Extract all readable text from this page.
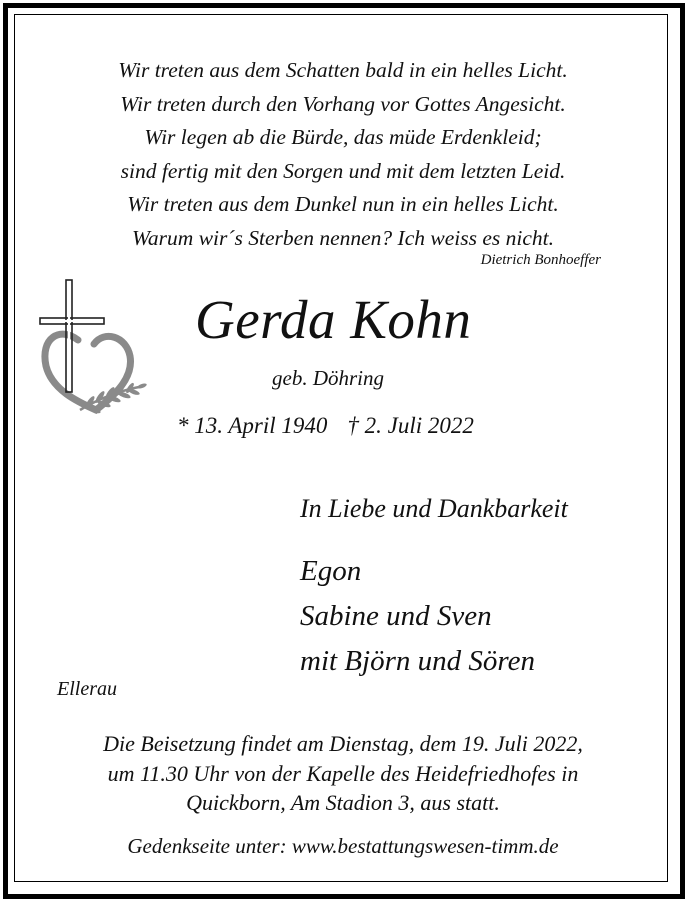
Wir treten aus dem Schatten bald in ein helles Licht.
Wir treten durch den Vorhang vor Gottes Angesicht.
Wir legen ab die Bürde, das müde Erdenkleid;
sind fertig mit den Sorgen und mit dem letzten Leid.
Wir treten aus dem Dunkel nun in ein helles Licht.
Warum wir´s Sterben nennen? Ich weiss es nicht.
Dietrich Bonhoeffer
Gerda Kohn
geb. Döhring
* 13. April 1940 † 2. Juli 2022
In Liebe und Dankbarkeit
Egon
Sabine und Sven
mit Björn und Sören
Ellerau
Die Beisetzung findet am Dienstag, dem 19. Juli 2022,
um 11.30 Uhr von der Kapelle des Heidefriedhofes in
Quickborn, Am Stadion 3, aus statt.
Gedenkseite unter: www.bestattungswesen-timm.de
